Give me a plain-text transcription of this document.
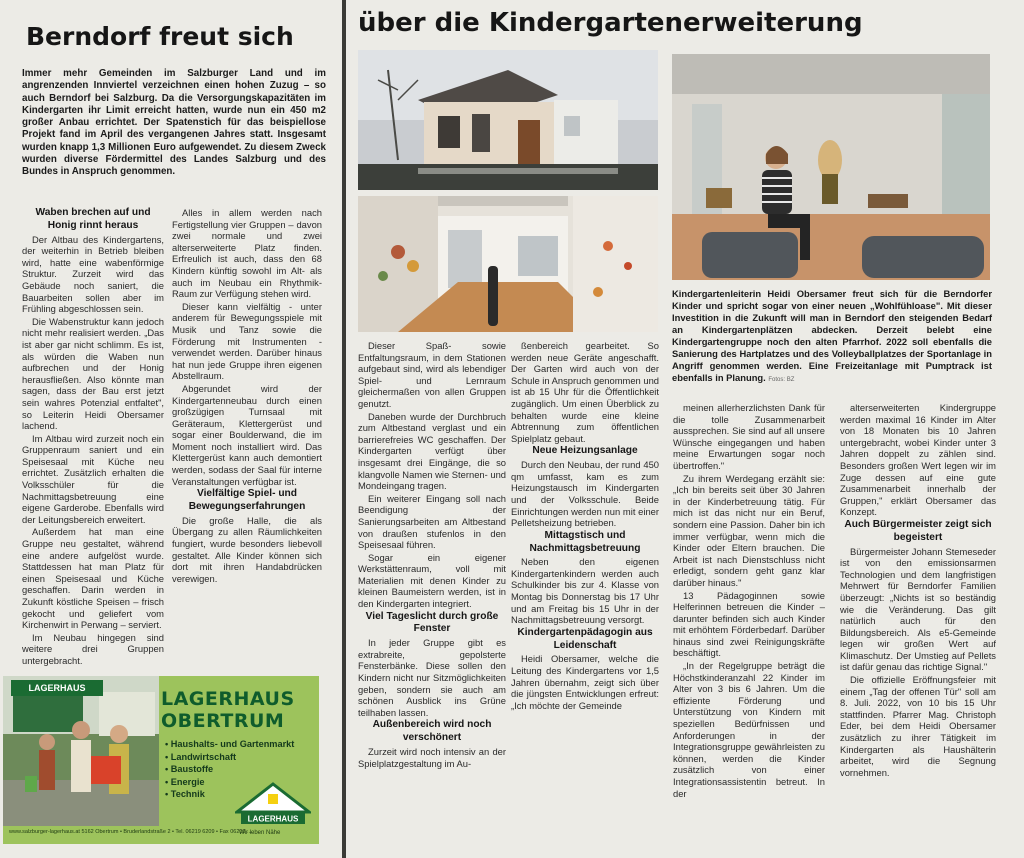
Berndorf freut sich

Immer mehr Gemeinden im Salzburger Land und im angrenzenden Innviertel verzeichnen einen hohen Zuzug – so auch Berndorf bei Salzburg. Da die Versorgungskapazitäten im Kindergarten ihr Limit erreicht hatten, wurde nun ein 450 m2 großer Anbau errichtet. Der Spatenstich für das beispiellose Projekt fand im April des vergangenen Jahres statt. Insgesamt wurden knapp 1,3 Millionen Euro aufgewendet. Zu diesem Zweck wurden diverse Fördermittel des Landes Salzburg und des Bundes in Anspruch genommen.

Waben brechen auf und Honig rinnt heraus

Der Altbau des Kindergartens, der weiterhin in Betrieb bleiben wird, hatte eine wabenförmige Struktur. Zurzeit wird das Gebäude noch saniert, die Bauarbeiten sollen aber im Frühling abgeschlossen sein.

Die Wabenstruktur kann jedoch nicht mehr realisiert werden. „Das ist aber gar nicht schlimm. Es ist, als würden die Waben nun aufbrechen und der Honig herausfließen. Also könnte man sagen, dass der Bau erst jetzt sein wahres Potenzial entfaltet", so Leiterin Heidi Obersamer lachend.

Im Altbau wird zurzeit noch ein Gruppenraum saniert und ein Speisesaal mit Küche neu errichtet. Zusätzlich erhalten die Volksschüler für die Nachmittagsbetreuung eine eigene Garderobe. Ebenfalls wird der Leitungsbereich erweitert.

Außerdem hat man eine Gruppe neu gestaltet, während eine andere aufgelöst wurde. Stattdessen hat man Platz für einen Speisesaal und Küche geschaffen. Darin werden in Zukunft köstliche Speisen – frisch gekocht und geliefert vom Kirchenwirt in Perwang – serviert.

Im Neubau hingegen sind weitere drei Gruppen untergebracht.

Alles in allem werden nach Fertigstellung vier Gruppen – davon zwei normale und zwei alterserweiterte Platz finden. Erfreulich ist auch, dass den 68 Kindern künftig sowohl im Alt- als auch im Neubau ein Rhythmik-Raum zur Verfügung stehen wird.

Dieser kann vielfältig - unter anderem für Bewegungsspiele mit Musik und Tanz sowie die Förderung mit Instrumenten - verwendet werden. Darüber hinaus hat nun jede Gruppe ihren eigenen Abstellraum.

Abgerundet wird der Kindergartenneubau durch einen großzügigen Turnsaal mit Geräteraum, Klettergerüst und sogar einer Boulderwand, die im Moment noch installiert wird. Das Klettergerüst kann auch demontiert werden, sodass der Saal für interne Veranstaltungen verfügbar ist.

Vielfältige Spiel- und Bewegungserfahrungen

Die große Halle, die als Übergang zu allen Räumlichkeiten fungiert, wurde besonders liebevoll gestaltet. Alle Kinder können sich dort mit ihren Handabdrücken verewigen.

LAGERHAUS	LAGERHAUS
OBERTRUM

• Haushalts- und Gartenmarkt
• Landwirtschaft
• Baustoffe
• Energie
• Technik
LAGERHAUS

www.salzburger-lagerhaus.at 5162 Obertrum • Bruderlandstraße 2 • Tel. 06219 6209 • Fax 06219 ...

Wir leben Nähe

über die Kindergartenerweiterung

Kindergartenleiterin Heidi Obersamer freut sich für die Berndorfer Kinder und spricht sogar von einer neuen „Wohlfühloase". Mit dieser Investition in die Zukunft will man in Berndorf den steigenden Bedarf an Kindergartenplätzen abdecken. Derzeit belebt eine Kindergartengruppe noch den alten Pfarrhof. 2022 soll ebenfalls die Sanierung des Hartplatzes und des Volleyballplatzes der Sportanlage in Angriff genommen werden. Eine Freizeitanlage mit Pumptrack ist ebenfalls in Planung. Fotos: BZ

Dieser Spaß- sowie Entfaltungsraum, in dem Stationen aufgebaut sind, wird als lebendiger Spiel- und Lernraum gleichermaßen von allen Gruppen genutzt.

Daneben wurde der Durchbruch zum Altbestand verglast und ein barrierefreies WC geschaffen. Der Kindergarten verfügt über insgesamt drei Eingänge, die so klangvolle Namen wie Sternen- und Mondeingang tragen.

Ein weiterer Eingang soll nach Beendigung der Sanierungsarbeiten am Altbestand von draußen stufenlos in den Speisesaal führen.

Sogar ein eigener Werkstättenraum, voll mit Materialien mit denen Kinder zu kleinen Baumeistern werden, ist in den Kindergarten integriert.

Viel Tageslicht durch große Fenster

In jeder Gruppe gibt es extrabreite, gepolsterte Fensterbänke. Diese sollen den Kindern nicht nur Sitzmöglichkeiten geben, sondern sie auch am schönen Ausblick ins Grüne teilhaben lassen.

Außenbereich wird noch verschönert

Zurzeit wird noch intensiv an der Spielplatzgestaltung im Au-

ßenbereich gearbeitet. So werden neue Geräte angeschafft. Der Garten wird auch von der Schule in Anspruch genommen und ist ab 15 Uhr für die Öffentlichkeit zugänglich. Um einen Überblick zu behalten wurde eine kleine Abtrennung zum öffentlichen Spielplatz gebaut.

Neue Heizungsanlage

Durch den Neubau, der rund 450 qm umfasst, kam es zum Heizungstausch im Kindergarten und der Volksschule. Beide Einrichtungen werden nun mit einer Pelletsheizung betrieben.

Mittagstisch und Nachmittagsbetreuung

Neben den eigenen Kindergartenkindern werden auch Schulkinder bis zur 4. Klasse von Montag bis Donnerstag bis 17 Uhr und am Freitag bis 15 Uhr in der Nachmittagsbetreuung versorgt.

Kindergartenpädagogin aus Leidenschaft

Heidi Obersamer, welche die Leitung des Kindergartens vor 1,5 Jahren übernahm, zeigt sich über die jüngsten Entwicklungen erfreut: „Ich möchte der Gemeinde

meinen allerherzlichsten Dank für die tolle Zusammenarbeit aussprechen. Sie sind auf all unsere Wünsche eingegangen und haben meine Erwartungen sogar noch übertroffen."

Zu ihrem Werdegang erzählt sie: „Ich bin bereits seit über 30 Jahren in der Kinderbetreuung tätig. Für mich ist das nicht nur ein Beruf, sondern eine Passion. Daher bin ich immer verfügbar, wenn mich die Kinder oder Eltern brauchen. Die Arbeit ist nach Dienstschluss nicht erledigt, sondern geht ganz klar darüber hinaus."

13 Pädagoginnen sowie Helferinnen betreuen die Kinder – darunter befinden sich auch Kinder mit erhöhtem Förderbedarf. Darüber hinaus sind zwei Reinigungskräfte beschäftigt.

„In der Regelgruppe beträgt die Höchstkinderanzahl 22 Kinder im Alter von 3 bis 6 Jahren. Um die effiziente Förderung und Unterstützung von Kindern mit speziellen Bedürfnissen und Anforderungen in der Integrationsgruppe gewährleisten zu können, werden die Kinder zusätzlich von einer Integrationsassistentin betreut. In der

alterserweiterten Kindergruppe werden maximal 16 Kinder im Alter von 18 Monaten bis 10 Jahren untergebracht, wobei Kinder unter 3 Jahren doppelt zu zählen sind. Besonders großen Wert legen wir im Zuge dessen auf eine gute Zusammenarbeit innerhalb der Gruppen," erklärt Obersamer das Konzept.

Auch Bürgermeister zeigt sich begeistert

Bürgermeister Johann Stemeseder ist von den emissionsarmen Technologien und dem langfristigen Mehrwert für Berndorfer Familien überzeugt: „Nichts ist so beständig wie die Veränderung. Das gilt natürlich auch für den Bildungsbereich. Als e5-Gemeinde legen wir großen Wert auf Klimaschutz. Der Umstieg auf Pellets ist dafür genau das richtige Signal."

Die offizielle Eröffnungsfeier mit einem „Tag der offenen Tür" soll am 8. Juli. 2022, von 10 bis 15 Uhr stattfinden. Pfarrer Mag. Christoph Eder, bei dem Heidi Obersamer zusätzlich zu ihrer Tätigkeit im Kindergarten als Haushälterin arbeitet, wird die Segnung vornehmen.
